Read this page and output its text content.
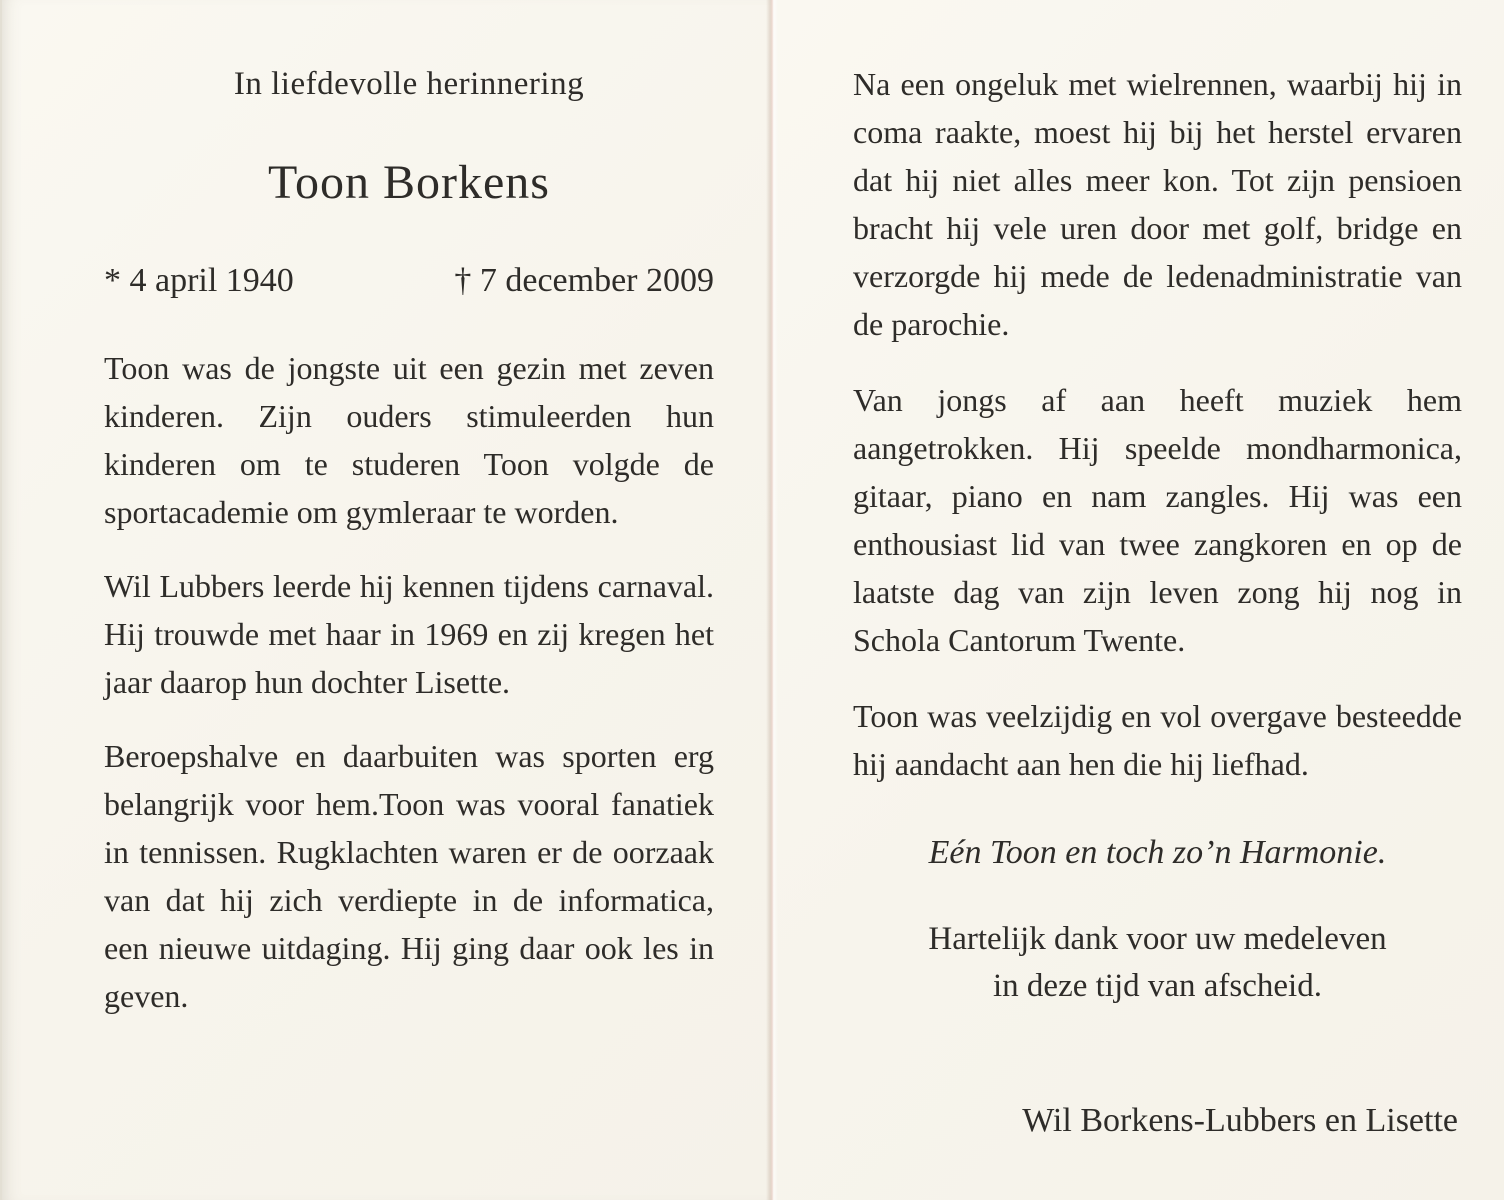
In liefdevolle herinnering
Toon Borkens
* 4 april 1940	† 7 december 2009

Toon was de jongste uit een gezin met zeven kinderen. Zijn ouders stimuleerden hun kinderen om te studeren Toon volgde de sportacademie om gymleraar te worden.

Wil Lubbers leerde hij kennen tijdens carnaval. Hij trouwde met haar in 1969 en zij kregen het jaar daarop hun dochter Lisette.

Beroepshalve en daarbuiten was sporten erg belangrijk voor hem.Toon was vooral fanatiek in tennissen. Rugklachten waren er de oorzaak van dat hij zich verdiepte in de informatica, een nieuwe uitdaging. Hij ging daar ook les in geven.

Na een ongeluk met wielrennen, waarbij hij in coma raakte, moest hij bij het herstel ervaren dat hij niet alles meer kon. Tot zijn pensioen bracht hij vele uren door met golf, bridge en verzorgde hij mede de ledenadministratie van de parochie.

Van jongs af aan heeft muziek hem aangetrokken. Hij speelde mondharmonica, gitaar, piano en nam zangles. Hij was een enthousiast lid van twee zangkoren en op de laatste dag van zijn leven zong hij nog in Schola Cantorum Twente.

Toon was veelzijdig en vol overgave besteedde hij aandacht aan hen die hij liefhad.

Eén Toon en toch zo’n Harmonie.
Hartelijk dank voor uw medeleven
in deze tijd van afscheid.
Wil Borkens-Lubbers en Lisette
